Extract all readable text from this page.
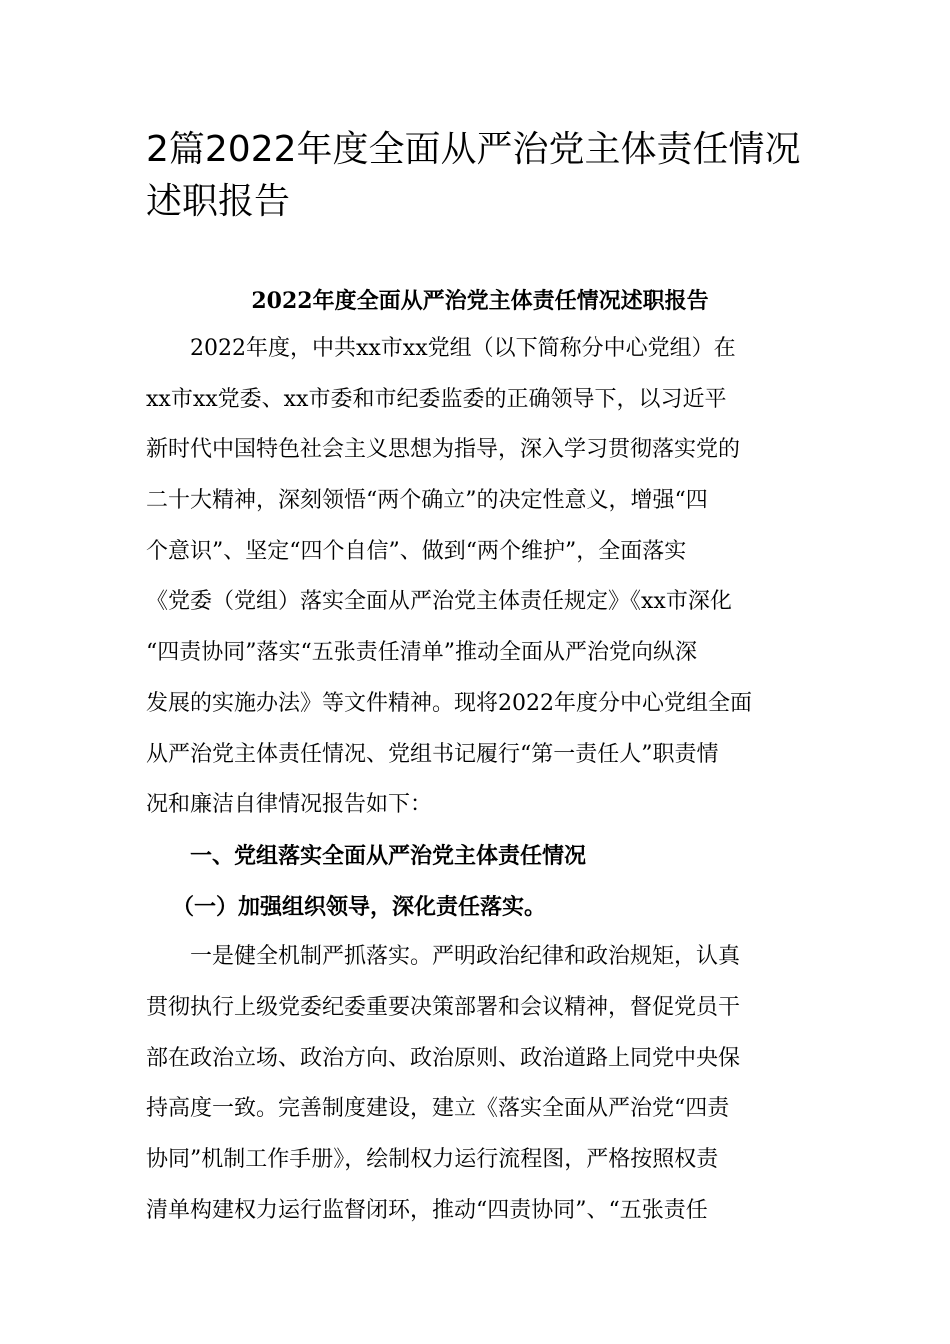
2篇2022年度全面从严治党主体责任情况
述职报告
2022年度全面从严治党主体责任情况述职报告
2022年度，中共xx市xx党组（以下简称分中心党组）在
xx市xx党委、xx市委和市纪委监委的正确领导下，以习近平
新时代中国特色社会主义思想为指导，深入学习贯彻落实党的
二十大精神，深刻领悟“两个确立”的决定性意义，增强“四
个意识”、坚定“四个自信”、做到“两个维护”，全面落实
《党委（党组）落实全面从严治党主体责任规定》《xx市深化
“四责协同”落实“五张责任清单”推动全面从严治党向纵深
发展的实施办法》等文件精神。现将2022年度分中心党组全面
从严治党主体责任情况、党组书记履行“第一责任人”职责情
况和廉洁自律情况报告如下：
一、党组落实全面从严治党主体责任情况
（一）加强组织领导，深化责任落实。
一是健全机制严抓落实。严明政治纪律和政治规矩，认真
贯彻执行上级党委纪委重要决策部署和会议精神，督促党员干
部在政治立场、政治方向、政治原则、政治道路上同党中央保
持高度一致。完善制度建设，建立《落实全面从严治党“四责
协同”机制工作手册》，绘制权力运行流程图，严格按照权责
清单构建权力运行监督闭环，推动“四责协同”、“五张责任
